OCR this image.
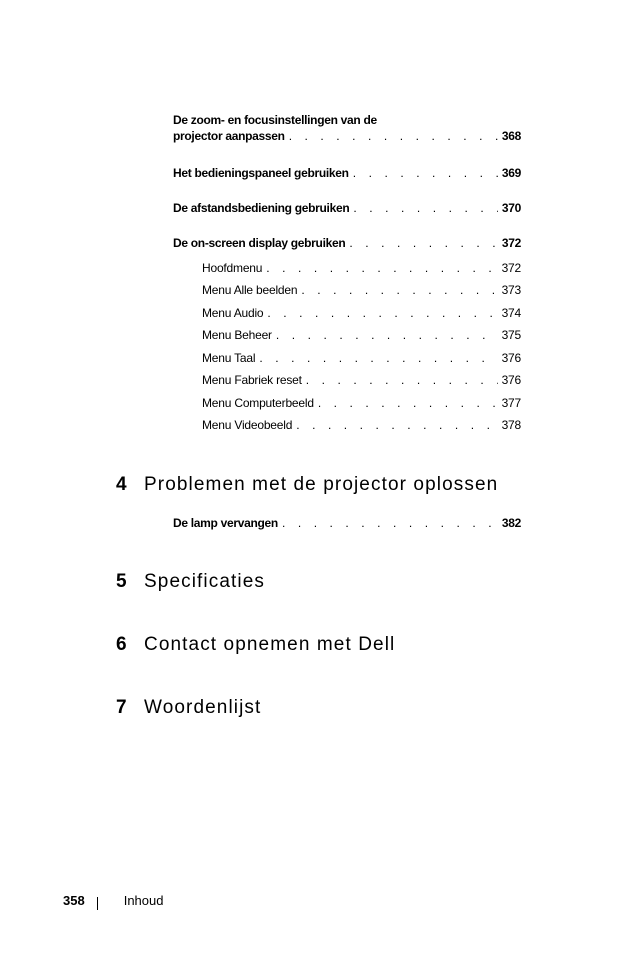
De zoom- en focusinstellingen van de
projector aanpassen . . .	368
Het bedieningspaneel gebruiken . . .	369
De afstandsbediening gebruiken . . .	370
De on-screen display gebruiken . . .	372
Hoofdmenu . . .	372
Menu Alle beelden . . .	373
Menu Audio . . .	374
Menu Beheer . . .	375
Menu Taal . . .	376
Menu Fabriek reset . . .	376
Menu Computerbeeld . . .	377
Menu Videobeeld . . .	378
4 Problemen met de projector oplossen
De lamp vervangen . . .	382
5 Specificaties
6 Contact opnemen met Dell
7 Woordenlijst
358	Inhoud
